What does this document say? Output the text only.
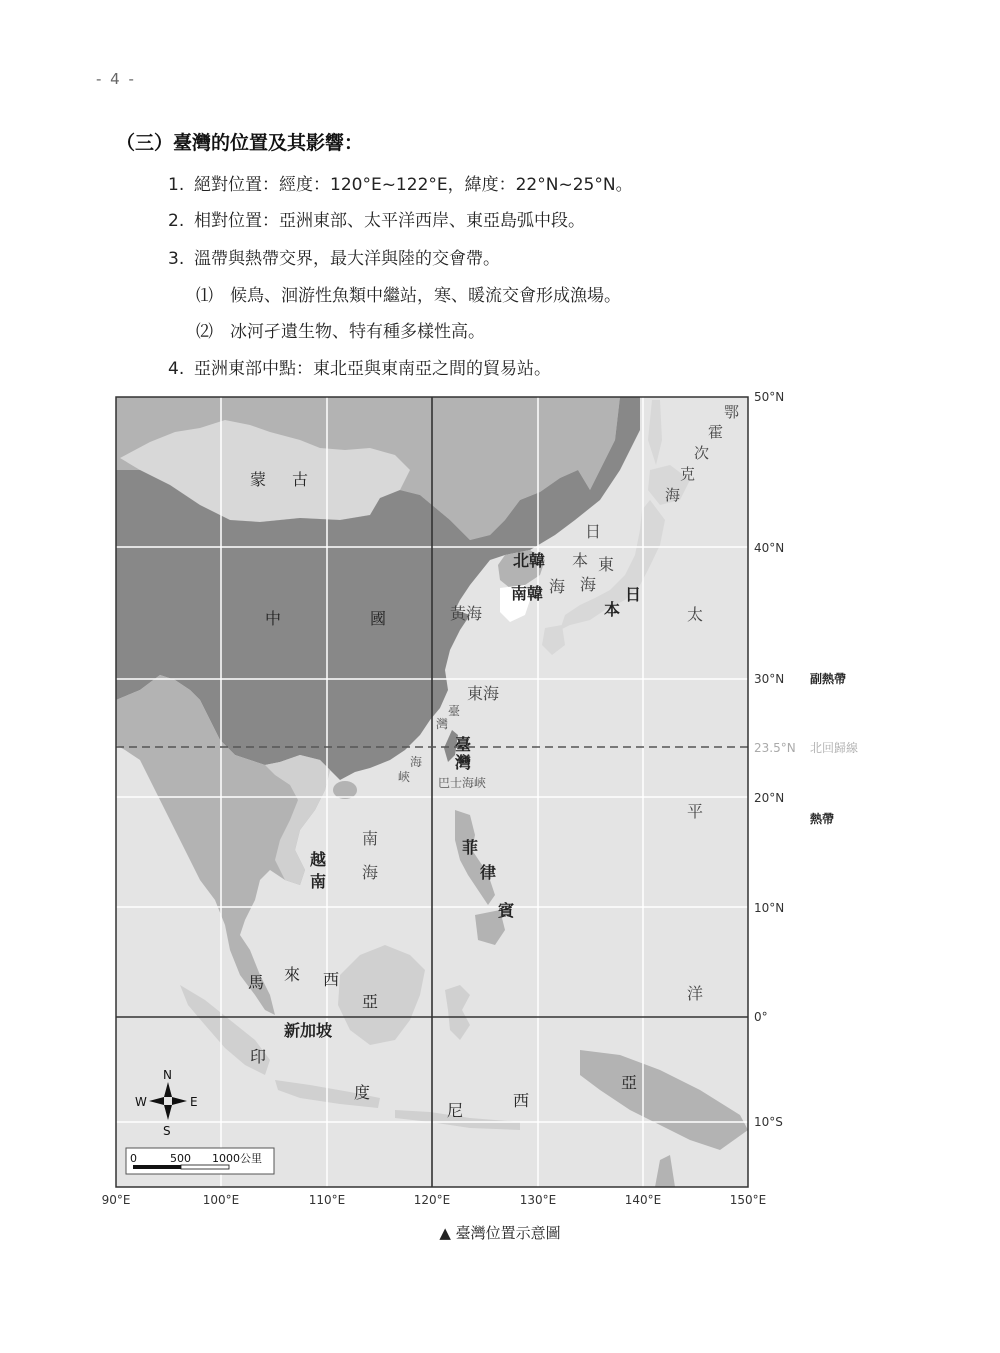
- 4 -
（三）臺灣的位置及其影響：
1. 絕對位置：經度：120°E~122°E，緯度：22°N~25°N。
2. 相對位置：亞洲東部、太平洋西岸、東亞島弧中段。
3. 溫帶與熱帶交界，最大洋與陸的交會帶。
⑴ 候鳥、洄游性魚類中繼站，寒、暖流交會形成漁場。
⑵ 冰河孑遺生物、特有種多樣性高。
4. 亞洲東部中點：東北亞與東南亞之間的貿易站。
50°N
40°N
30°N
23.5°N
20°N
10°N
0°
10°S
副熱帶
北回歸線
熱帶
90°E	100°E	110°E	120°E	130°E	140°E	150°E
蒙 古
中	國
北韓
南韓
黃海
東海
日
本
海
東
海
日
本
鄂
霍
次
克
海
太
平
洋
臺
灣
臺
灣
海
峽 巴士海峽
南
海
越
南
菲
律
賓
馬 來 西
亞
新加坡
印
度
尼
西
亞
N
S
E
W
0	500 1000公里
▲ 臺灣位置示意圖
